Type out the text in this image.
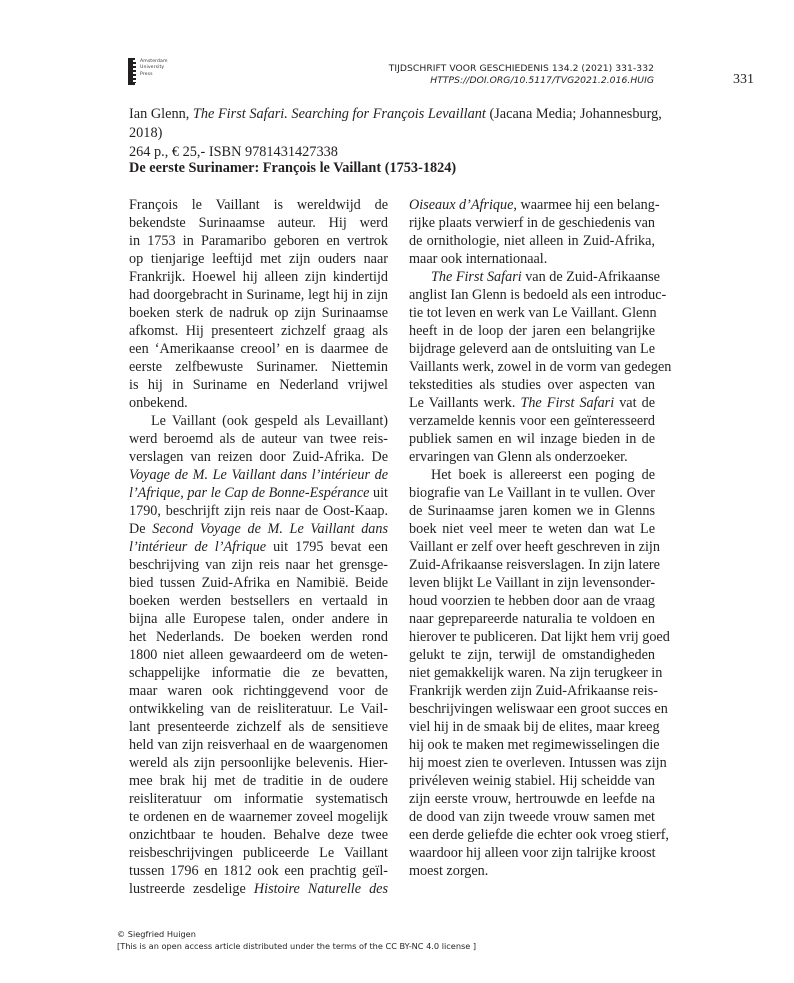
Amsterdam
University
Press
TIJDSCHRIFT VOOR GESCHIEDENIS 134.2 (2021) 331-332
HTTPS://DOI.ORG/10.5117/TVG2021.2.016.HUIG	331
Ian Glenn, The First Safari. Searching for François Levaillant (Jacana Media; Johannesburg, 2018)
264 p., € 25,- ISBN 9781431427338
De eerste Surinamer: François le Vaillant (1753-1824)
François le Vaillant is wereldwijd de
bekendste Surinaamse auteur. Hij werd
in 1753 in Paramaribo geboren en vertrok
op tienjarige leeftijd met zijn ouders naar
Frankrijk. Hoewel hij alleen zijn kindertijd
had doorgebracht in Suriname, legt hij in zijn
boeken sterk de nadruk op zijn Surinaamse
afkomst. Hij presenteert zichzelf graag als
een ‘Amerikaanse creool’ en is daarmee de
eerste zelfbewuste Surinamer. Niettemin
is hij in Suriname en Nederland vrijwel
onbekend.
Le Vaillant (ook gespeld als Levaillant)
werd beroemd als de auteur van twee reis-
verslagen van reizen door Zuid-Afrika. De
Voyage de M. Le Vaillant dans l’intérieur de
l’Afrique, par le Cap de Bonne-Espérance uit
1790, beschrijft zijn reis naar de Oost-Kaap.
De Second Voyage de M. Le Vaillant dans
l’intérieur de l’Afrique uit 1795 bevat een
beschrijving van zijn reis naar het grensge-
bied tussen Zuid-Afrika en Namibië. Beide
boeken werden bestsellers en vertaald in
bijna alle Europese talen, onder andere in
het Nederlands. De boeken werden rond
1800 niet alleen gewaardeerd om de weten-
schappelijke informatie die ze bevatten,
maar waren ook richtinggevend voor de
ontwikkeling van de reisliteratuur. Le Vail-
lant presenteerde zichzelf als de sensitieve
held van zijn reisverhaal en de waargenomen
wereld als zijn persoonlijke belevenis. Hier-
mee brak hij met de traditie in de oudere
reisliteratuur om informatie systematisch
te ordenen en de waarnemer zoveel mogelijk
onzichtbaar te houden. Behalve deze twee
reisbeschrijvingen publiceerde Le Vaillant
tussen 1796 en 1812 ook een prachtig geïl-
lustreerde zesdelige Histoire Naturelle des
Oiseaux d’Afrique, waarmee hij een belang-
rijke plaats verwierf in de geschiedenis van
de ornithologie, niet alleen in Zuid-Afrika,
maar ook internationaal.
The First Safari van de Zuid-Afrikaanse
anglist Ian Glenn is bedoeld als een introduc-
tie tot leven en werk van Le Vaillant. Glenn
heeft in de loop der jaren een belangrijke
bijdrage geleverd aan de ontsluiting van Le
Vaillants werk, zowel in de vorm van gedegen
tekstedities als studies over aspecten van
Le Vaillants werk. The First Safari vat de
verzamelde kennis voor een geïnteresseerd
publiek samen en wil inzage bieden in de
ervaringen van Glenn als onderzoeker.
Het boek is allereerst een poging de
biografie van Le Vaillant in te vullen. Over
de Surinaamse jaren komen we in Glenns
boek niet veel meer te weten dan wat Le
Vaillant er zelf over heeft geschreven in zijn
Zuid-Afrikaanse reisverslagen. In zijn latere
leven blijkt Le Vaillant in zijn levensonder-
houd voorzien te hebben door aan de vraag
naar geprepareerde naturalia te voldoen en
hierover te publiceren. Dat lijkt hem vrij goed
gelukt te zijn, terwijl de omstandigheden
niet gemakkelijk waren. Na zijn terugkeer in
Frankrijk werden zijn Zuid-Afrikaanse reis-
beschrijvingen weliswaar een groot succes en
viel hij in de smaak bij de elites, maar kreeg
hij ook te maken met regimewisselingen die
hij moest zien te overleven. Intussen was zijn
privéleven weinig stabiel. Hij scheidde van
zijn eerste vrouw, hertrouwde en leefde na
de dood van zijn tweede vrouw samen met
een derde geliefde die echter ook vroeg stierf,
waardoor hij alleen voor zijn talrijke kroost
moest zorgen.
© Siegfried Huigen
[This is an open access article distributed under the terms of the CC BY-NC 4.0 license ]
